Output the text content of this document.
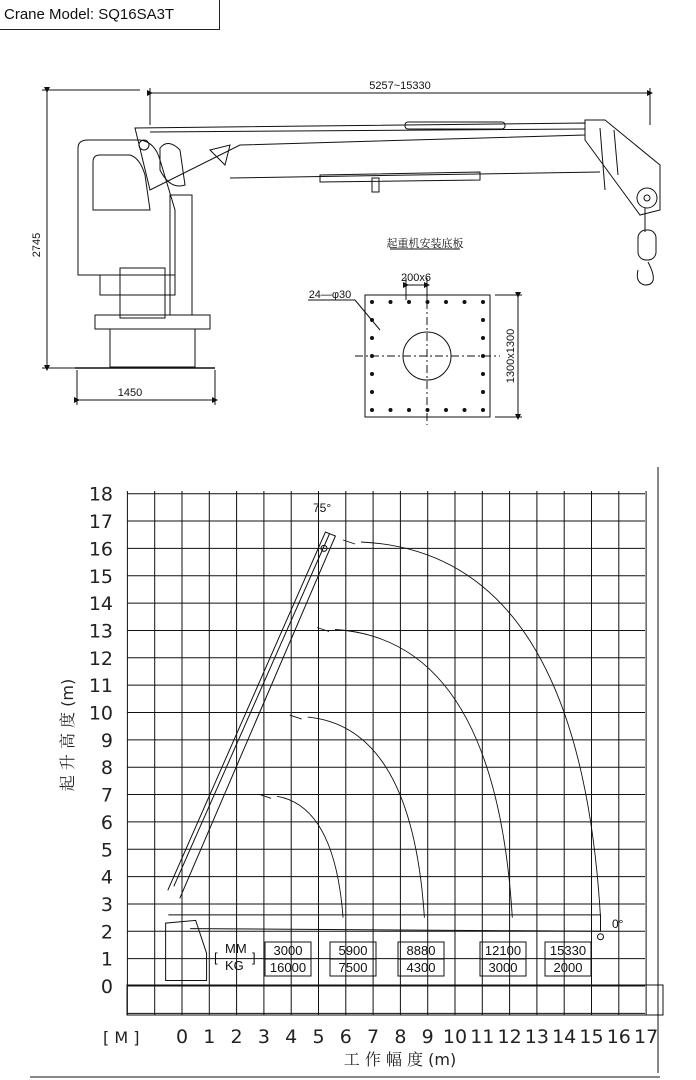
Crane Model: SQ16SA3T
5257~15330
2745
1450
起重机安装底板
200x6
24—φ30
1300x1300
0 1 2 3 4 5 6 7 8 9 10 11 12 13 14 15 16 17
0
1
2
3
4
5
6
7
8
9
10
11
12
13
14
15
16
17
18
3000
16000
5900
7500
8880
4300
12100
3000
15330
2000
[ M ]
工 作 幅 度 (m)
起 升 高 度 (m)
75°
0°
MM
KG
[	]
